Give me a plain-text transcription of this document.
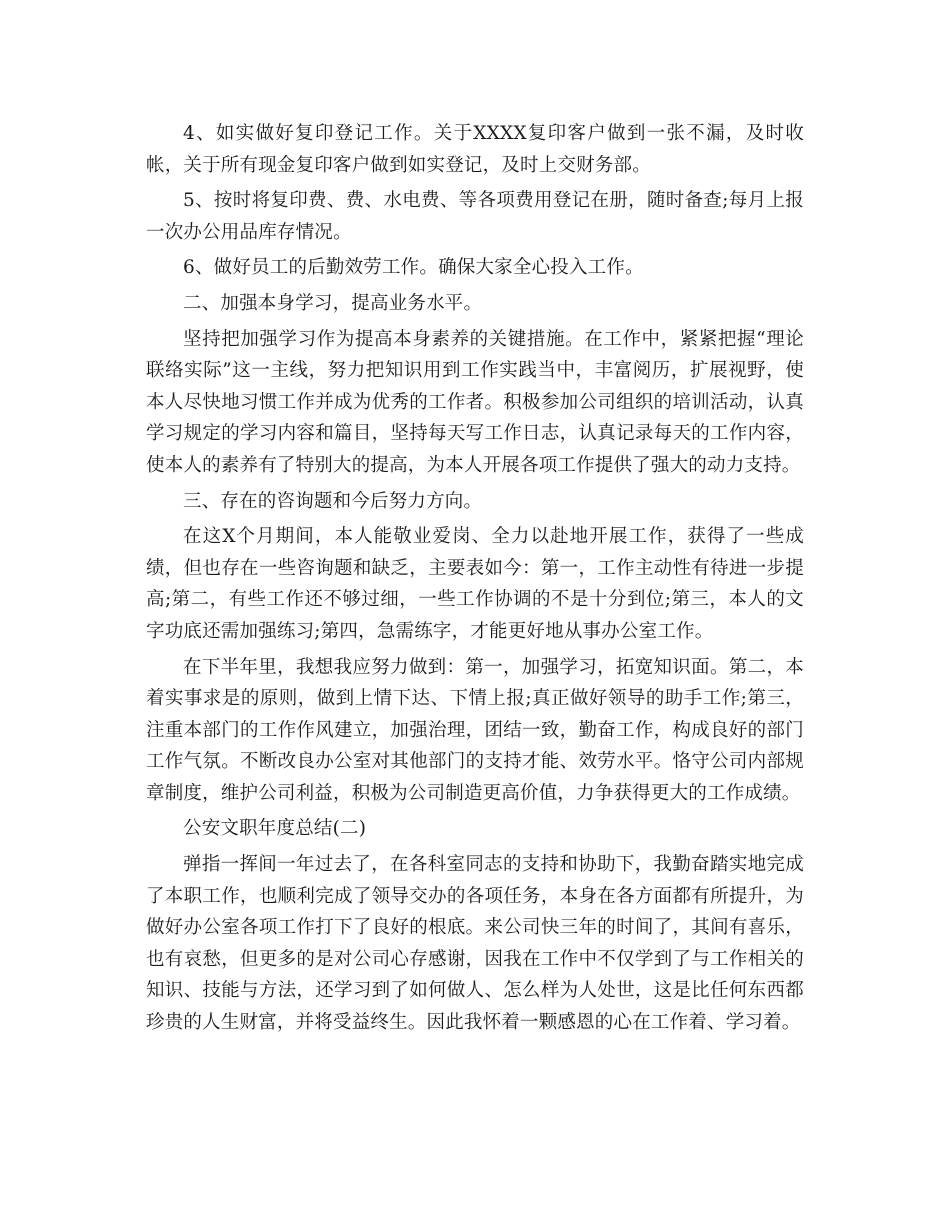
4、如实做好复印登记工作。关于XXXX复印客户做到一张不漏，及时收帐，关于所有现金复印客户做到如实登记，及时上交财务部。

5、按时将复印费、费、水电费、等各项费用登记在册，随时备查;每月上报一次办公用品库存情况。

6、做好员工的后勤效劳工作。确保大家全心投入工作。

二、加强本身学习，提高业务水平。

坚持把加强学习作为提高本身素养的关键措施。在工作中，紧紧把握“理论联络实际”这一主线，努力把知识用到工作实践当中，丰富阅历，扩展视野，使本人尽快地习惯工作并成为优秀的工作者。积极参加公司组织的培训活动，认真学习规定的学习内容和篇目，坚持每天写工作日志，认真记录每天的工作内容，使本人的素养有了特别大的提高，为本人开展各项工作提供了强大的动力支持。

三、存在的咨询题和今后努力方向。

在这X个月期间，本人能敬业爱岗、全力以赴地开展工作，获得了一些成绩，但也存在一些咨询题和缺乏，主要表如今：第一，工作主动性有待进一步提高;第二，有些工作还不够过细，一些工作协调的不是十分到位;第三，本人的文字功底还需加强练习;第四，急需练字，才能更好地从事办公室工作。

在下半年里，我想我应努力做到：第一，加强学习，拓宽知识面。第二，本着实事求是的原则，做到上情下达、下情上报;真正做好领导的助手工作;第三，注重本部门的工作作风建立，加强治理，团结一致，勤奋工作，构成良好的部门工作气氛。不断改良办公室对其他部门的支持才能、效劳水平。恪守公司内部规章制度，维护公司利益，积极为公司制造更高价值，力争获得更大的工作成绩。

公安文职年度总结(二)

弹指一挥间一年过去了，在各科室同志的支持和协助下，我勤奋踏实地完成了本职工作，也顺利完成了领导交办的各项任务，本身在各方面都有所提升，为做好办公室各项工作打下了良好的根底。来公司快三年的时间了，其间有喜乐，也有哀愁，但更多的是对公司心存感谢，因我在工作中不仅学到了与工作相关的知识、技能与方法，还学习到了如何做人、怎么样为人处世，这是比任何东西都珍贵的人生财富，并将受益终生。因此我怀着一颗感恩的心在工作着、学习着。
